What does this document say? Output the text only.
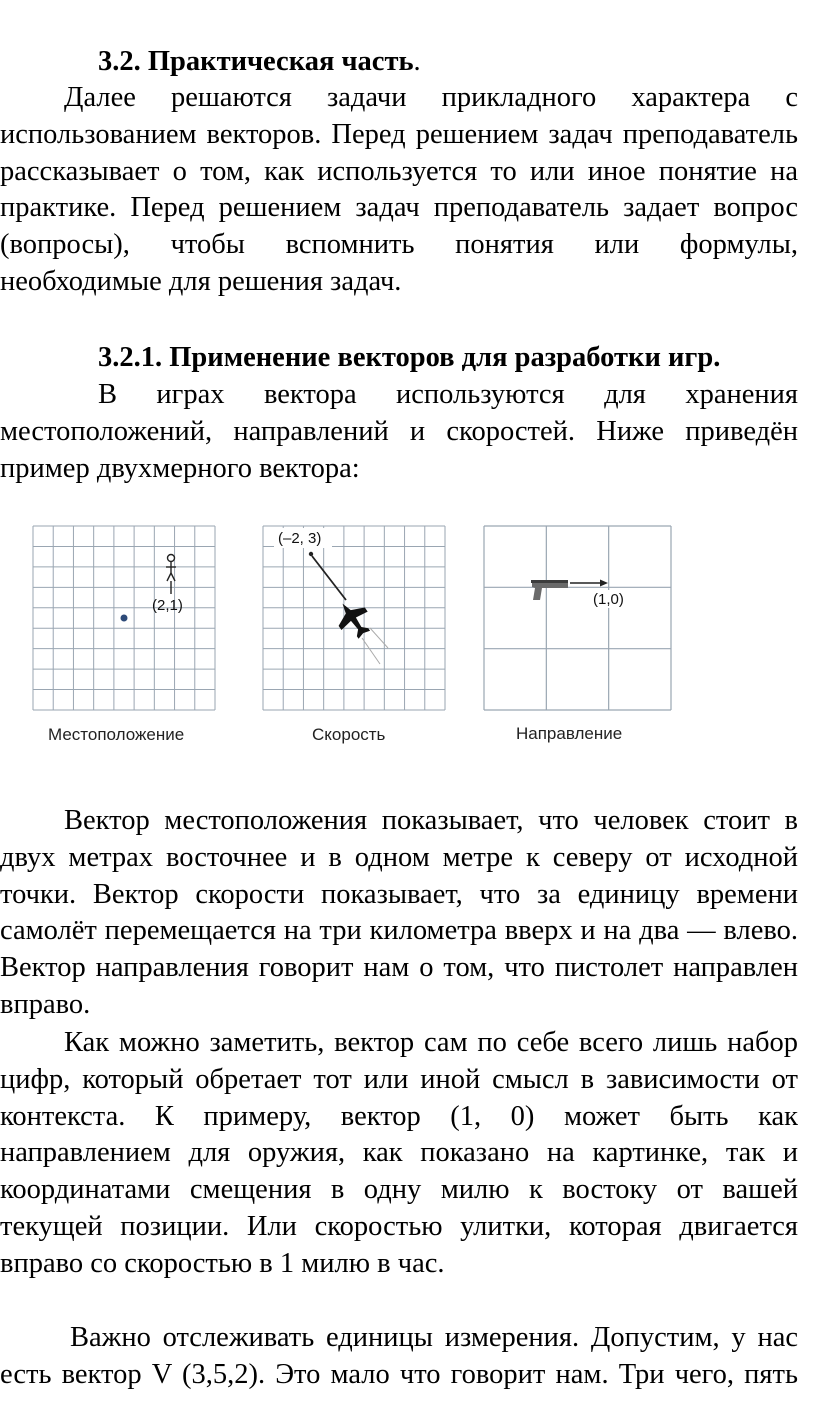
3.2. Практическая часть.

Далее решаются задачи прикладного характера с
использованием векторов. Перед решением задач преподаватель
рассказывает о том, как используется то или иное понятие на
практике. Перед решением задач преподаватель задает вопрос
(вопросы), чтобы вспомнить понятия или формулы,
необходимые для решения задач.

3.2.1. Применение векторов для разработки игр.

В играх вектора используются для хранения
местоположений, направлений и скоростей. Ниже приведён
пример двухмерного вектора:
(2,1)
Местоположение
(–2, 3)
Скорость
(1,0)
Направление
Вектор местоположения показывает, что человек стоит в
двух метрах восточнее и в одном метре к северу от исходной
точки. Вектор скорости показывает, что за единицу времени
самолёт перемещается на три километра вверх и на два — влево.
Вектор направления говорит нам о том, что пистолет направлен
вправо.
Как можно заметить, вектор сам по себе всего лишь набор
цифр, который обретает тот или иной смысл в зависимости от
контекста. К примеру, вектор (1, 0) может быть как
направлением для оружия, как показано на картинке, так и
координатами смещения в одну милю к востоку от вашей
текущей позиции. Или скоростью улитки, которая двигается
вправо со скоростью в 1 милю в час.
Важно отслеживать единицы измерения. Допустим, у нас
есть вектор V (3,5,2). Это мало что говорит нам. Три чего, пять
